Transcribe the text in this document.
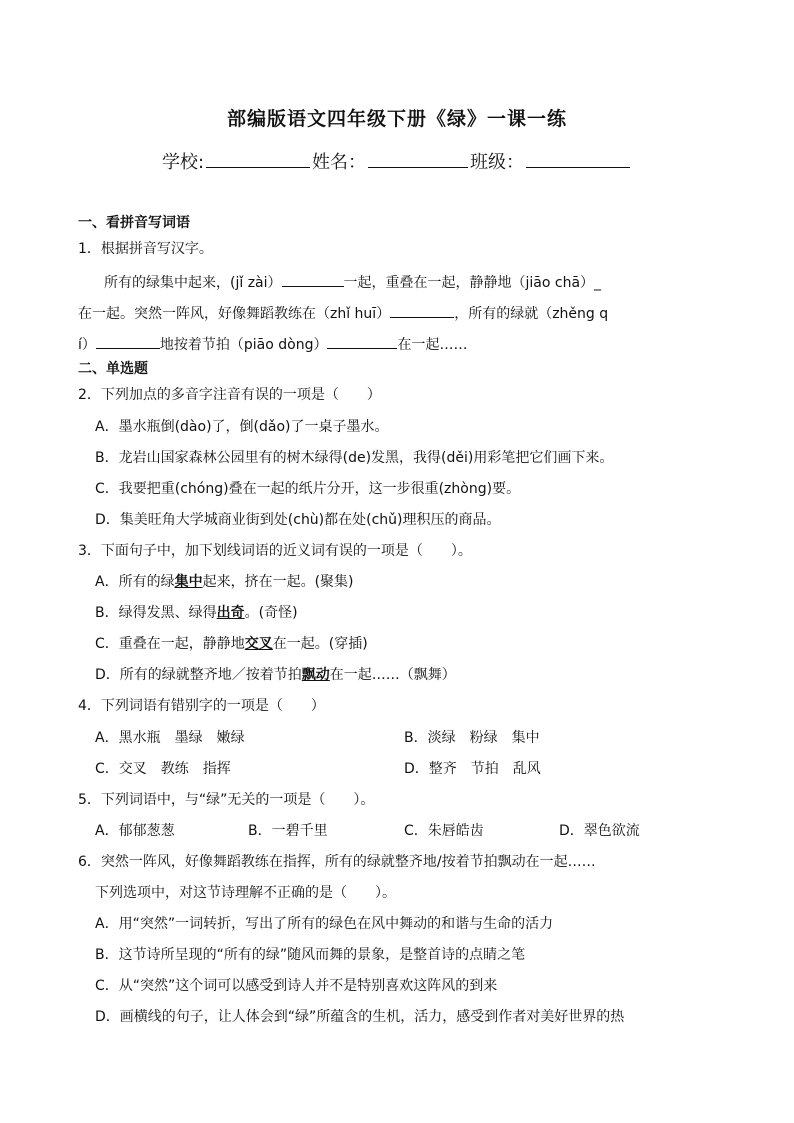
部编版语文四年级下册《绿》一课一练
学校:	姓名：	班级：
一、看拼音写词语
1．根据拼音写汉字。
所有的绿集中起来，(jǐ zài）	一起，重叠在一起，静静地（jiāo chā）_
在一起。突然一阵风，好像舞蹈教练在（zhǐ huī）	，所有的绿就（zhěng q
í）	地按着节拍（piāo dòng）	在一起……
二、单选题
2．下列加点的多音字注音有误的一项是（　　）
A．墨水瓶倒(dào)了，倒(dǎo)了一桌子墨水。
B．龙岩山国家森林公园里有的树木绿得(de)发黑，我得(děi)用彩笔把它们画下来。
C．我要把重(chóng)叠在一起的纸片分开，这一步很重(zhòng)要。
D．集美旺角大学城商业街到处(chù)都在处(chǔ)理积压的商品。
3．下面句子中，加下划线词语的近义词有误的一项是（　　）。
A．所有的绿集中起来，挤在一起。(聚集)
B．绿得发黑、绿得出奇。(奇怪)
C．重叠在一起，静静地交叉在一起。(穿插)
D．所有的绿就整齐地／按着节拍飘动在一起……（飘舞）
4．下列词语有错别字的一项是（　　）
A．黑水瓶　墨绿　嫩绿	B．淡绿　粉绿　集中
C．交叉　教练　指挥	D．整齐　节拍　乱风
5．下列词语中，与“绿”无关的一项是（　　）。
A．郁郁葱葱	B．一碧千里	C．朱唇皓齿	D．翠色欲流
6．突然一阵风，好像舞蹈教练在指挥，所有的绿就整齐地/按着节拍飘动在一起……
下列选项中，对这节诗理解不正确的是（　　）。
A．用“突然”一词转折，写出了所有的绿色在风中舞动的和谐与生命的活力
B．这节诗所呈现的“所有的绿”随风而舞的景象，是整首诗的点睛之笔
C．从“突然”这个词可以感受到诗人并不是特别喜欢这阵风的到来
D．画横线的句子，让人体会到“绿”所蕴含的生机，活力，感受到作者对美好世界的热
